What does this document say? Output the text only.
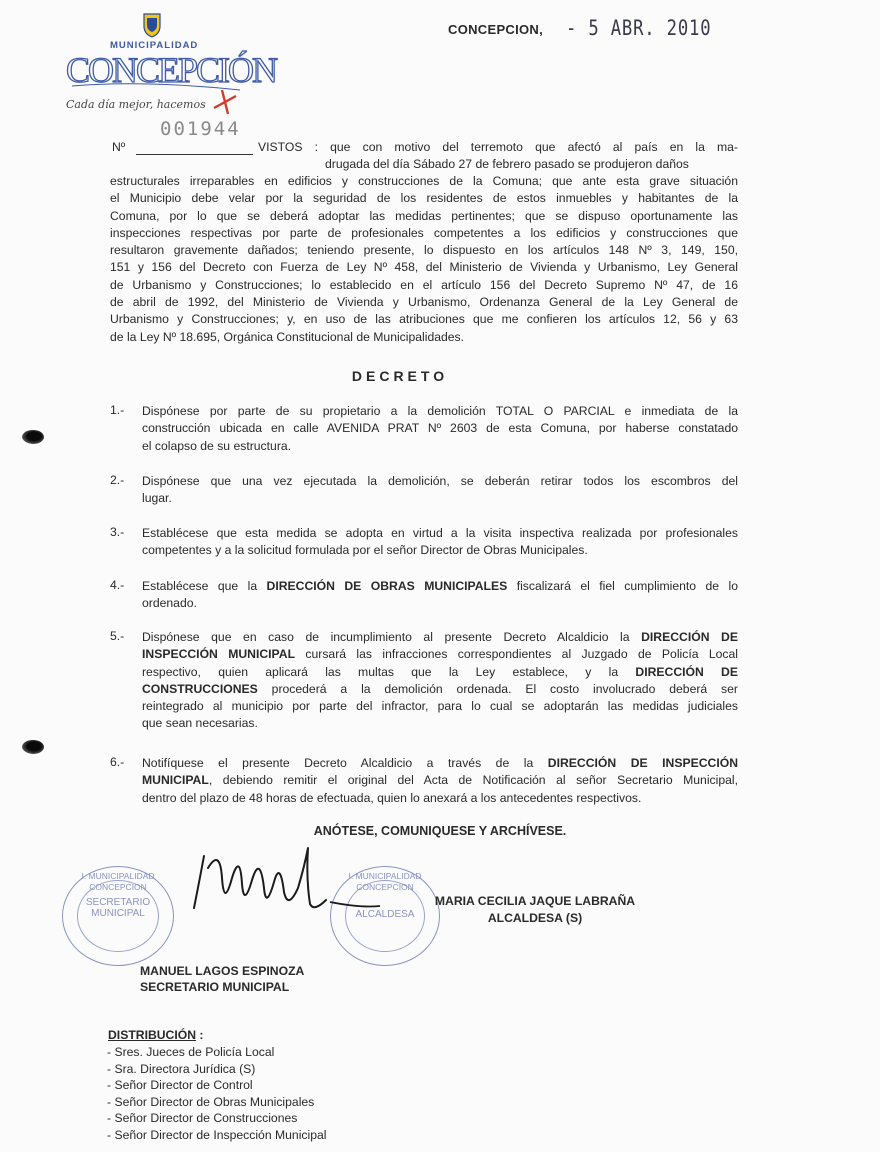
MUNICIPALIDAD
CONCEPCIÓN
Cada día mejor, hacemos
CONCEPCION, - 5 ABR. 2010
Nº
001944
VISTOS : que con motivo del terremoto que afectó al país en la ma-
drugada del día Sábado 27 de febrero pasado se produjeron daños
estructurales irreparables en edificios y construcciones de la Comuna; que ante esta grave situación
el Municipio debe velar por la seguridad de los residentes de estos inmuebles y habitantes de la
Comuna, por lo que se deberá adoptar las medidas pertinentes; que se dispuso oportunamente las
inspecciones respectivas por parte de profesionales competentes a los edificios y construcciones que
resultaron gravemente dañados; teniendo presente, lo dispuesto en los artículos 148 Nº 3, 149, 150,
151 y 156 del Decreto con Fuerza de Ley Nº 458, del Ministerio de Vivienda y Urbanismo, Ley General
de Urbanismo y Construcciones; lo establecido en el artículo 156 del Decreto Supremo Nº 47, de 16
de abril de 1992, del Ministerio de Vivienda y Urbanismo, Ordenanza General de la Ley General de
Urbanismo y Construcciones; y, en uso de las atribuciones que me confieren los artículos 12, 56 y 63
de la Ley Nº 18.695, Orgánica Constitucional de Municipalidades.
DECRETO
1.-	Dispónese por parte de su propietario a la demolición TOTAL O PARCIAL e inmediata de la
construcción ubicada en calle AVENIDA PRAT Nº 2603 de esta Comuna, por haberse constatado
el colapso de su estructura.
2.-	Dispónese que una vez ejecutada la demolición, se deberán retirar todos los escombros del
lugar.
3.-	Establécese que esta medida se adopta en virtud a la visita inspectiva realizada por profesionales
competentes y a la solicitud formulada por el señor Director de Obras Municipales.
4.-	Establécese que la DIRECCIÓN DE OBRAS MUNICIPALES fiscalizará el fiel cumplimiento de lo
ordenado.
5.-	Dispónese que en caso de incumplimiento al presente Decreto Alcaldicio la DIRECCIÓN DE
INSPECCIÓN MUNICIPAL cursará las infracciones correspondientes al Juzgado de Policía Local
respectivo, quien aplicará las multas que la Ley establece, y la DIRECCIÓN DE
CONSTRUCCIONES procederá a la demolición ordenada. El costo involucrado deberá ser
reintegrado al municipio por parte del infractor, para lo cual se adoptarán las medidas judiciales
que sean necesarias.
6.-	Notifíquese el presente Decreto Alcaldicio a través de la DIRECCIÓN DE INSPECCIÓN
MUNICIPAL, debiendo remitir el original del Acta de Notificación al señor Secretario Municipal,
dentro del plazo de 48 horas de efectuada, quien lo anexará a los antecedentes respectivos.
ANÓTESE, COMUNIQUESE Y ARCHÍVESE.
SECRETARIO MUNICIPAL
I. MUNICIPALIDAD CONCEPCION
ALCALDESA
I. MUNICIPALIDAD CONCEPCION
MARIA CECILIA JAQUE LABRAÑA
ALCALDESA (S)
MANUEL LAGOS ESPINOZA
SECRETARIO MUNICIPAL
DISTRIBUCIÓN :
- Sres. Jueces de Policía Local
- Sra. Directora Jurídica (S)
- Señor Director de Control
- Señor Director de Obras Municipales
- Señor Director de Construcciones
- Señor Director de Inspección Municipal
